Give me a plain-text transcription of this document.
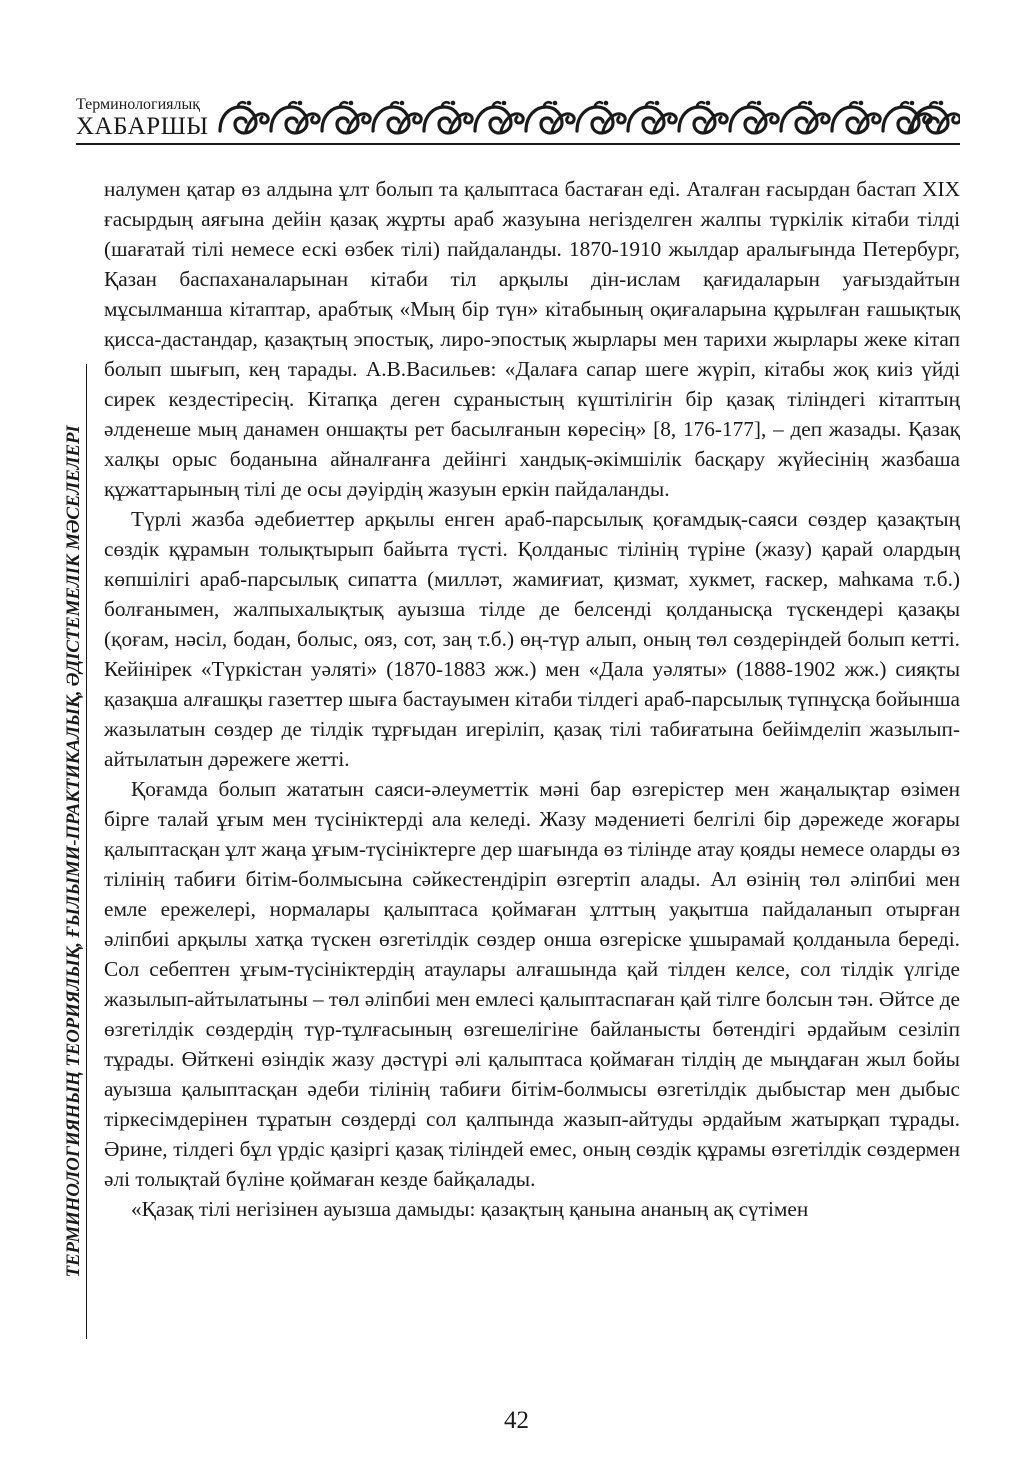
Терминологиялық
ХАБАРШЫ
ТЕРМИНОЛОГИЯНЫҢ ТЕОРИЯЛЫҚ, ҒЫЛЫМИ-ПРАКТИКАЛЫҚ, ӘДІСТЕМЕЛІК МӘСЕЛЕЛЕРІ

налумен қатар өз алдына ұлт болып та қалыптаса бастаған еді. Аталған ғасырдан бастап XIX ғасырдың аяғына дейін қазақ жұрты араб жазуына негізделген жалпы түркілік кітаби тілді (шағатай тілі немесе ескі өзбек тілі) пайдаланды. 1870-1910 жылдар аралығында Петербург, Қазан баспаханаларынан кітаби тіл арқылы дін-ислам қағидаларын уағыздайтын мұсылманша кітаптар, арабтық «Мың бір түн» кітабының оқиғаларына құрылған ғашықтық қисса-дастандар, қазақтың эпостық, лиро-эпостық жырлары мен тарихи жырлары жеке кітап болып шығып, кең тарады. А.В.Васильев: «Далаға сапар шеге жүріп, кітабы жоқ киіз үйді сирек кездестіресің. Кітапқа деген сұраныстың күштілігін бір қазақ тіліндегі кітаптың әлденеше мың данамен оншақты рет басылғанын көресің» [8, 176-177], – деп жазады. Қазақ халқы орыс боданына айналғанға дейінгі хандық-әкімшілік басқару жүйесінің жазбаша құжаттарының тілі де осы дәуірдің жазуын еркін пайдаланды.

Түрлі жазба әдебиеттер арқылы енген араб-парсылық қоғамдық-саяси сөздер қазақтың сөздік құрамын толықтырып байыта түсті. Қолданыс тілінің түріне (жазу) қарай олардың көпшілігі араб-парсылық сипатта (миллəт, жамиғиат, қизмат, хукмет, ғаскер, маһкама т.б.) болғанымен, жалпыхалықтық ауызша тілде де белсенді қолданысқа түскендері қазақы (қоғам, нəсіл, бодан, болыс, ояз, сот, заң т.б.) өң-түр алып, оның төл сөздеріндей болып кетті. Кейінірек «Түркістан уəляті» (1870-1883 жж.) мен «Дала уəляты» (1888-1902 жж.) сияқты қазақша алғашқы газеттер шыға бастауымен кітаби тілдегі араб-парсылық түпнұсқа бойынша жазылатын сөздер де тілдік тұрғыдан игеріліп, қазақ тілі табиғатына бейімделіп жазылып-айтылатын дəрежеге жетті.

Қоғамда болып жататын саяси-әлеуметтік мәні бар өзгерістер мен жаңалықтар өзімен бірге талай ұғым мен түсініктерді ала келеді. Жазу мәдениеті белгілі бір дәрежеде жоғары қалыптасқан ұлт жаңа ұғым-түсініктерге дер шағында өз тілінде атау қояды немесе оларды өз тілінің табиғи бітім-болмысына сәйкестендіріп өзгертіп алады. Ал өзінің төл әліпбиі мен емле ережелері, нормалары қалыптаса қоймаған ұлттың уақытша пайдаланып отырған әліпбиі арқылы хатқа түскен өзгетілдік сөздер онша өзгеріске ұшырамай қолданыла береді. Сол себептен ұғым-түсініктердің атаулары алғашында қай тілден келсе, сол тілдік үлгіде жазылып-айтылатыны – төл әліпбиі мен емлесі қалыптаспаған қай тілге болсын тән. Әйтсе де өзгетілдік сөздердің түр-тұлғасының өзгешелігіне байланысты бөтендігі әрдайым сезіліп тұрады. Өйткені өзіндік жазу дәстүрі әлі қалыптаса қоймаған тілдің де мыңдаған жыл бойы ауызша қалыптасқан әдеби тілінің табиғи бітім-болмысы өзгетілдік дыбыстар мен дыбыс тіркесімдерінен тұратын сөздерді сол қалпында жазып-айтуды әрдайым жатырқап тұрады. Әрине, тілдегі бұл үрдіс қазіргі қазақ тіліндей емес, оның сөздік құрамы өзгетілдік сөздермен әлі толықтай бүліне қоймаған кезде байқалады.

«Қазақ тілі негізінен ауызша дамыды: қазақтың қанына ананың ақ сүтімен

42
